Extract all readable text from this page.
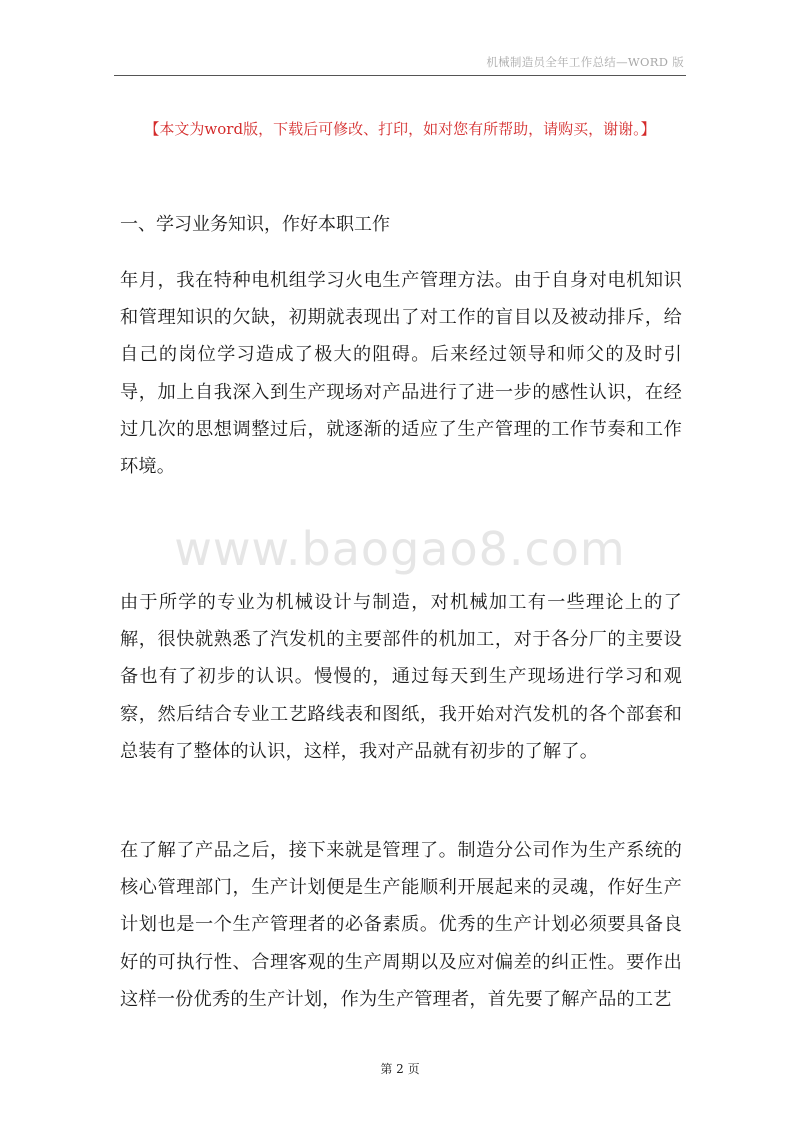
机械制造员全年工作总结—WORD 版
【本文为word版，下载后可修改、打印，如对您有所帮助，请购买，谢谢。】
一、学习业务知识，作好本职工作

年月，我在特种电机组学习火电生产管理方法。由于自身对电机知识和管理知识的欠缺，初期就表现出了对工作的盲目以及被动排斥，给自己的岗位学习造成了极大的阻碍。后来经过领导和师父的及时引导，加上自我深入到生产现场对产品进行了进一步的感性认识，在经过几次的思想调整过后，就逐渐的适应了生产管理的工作节奏和工作环境。

www.baogao8.com

由于所学的专业为机械设计与制造，对机械加工有一些理论上的了解，很快就熟悉了汽发机的主要部件的机加工，对于各分厂的主要设备也有了初步的认识。慢慢的，通过每天到生产现场进行学习和观察，然后结合专业工艺路线表和图纸，我开始对汽发机的各个部套和总装有了整体的认识，这样，我对产品就有初步的了解了。

在了解了产品之后，接下来就是管理了。制造分公司作为生产系统的核心管理部门，生产计划便是生产能顺利开展起来的灵魂，作好生产计划也是一个生产管理者的必备素质。优秀的生产计划必须要具备良好的可执行性、合理客观的生产周期以及应对偏差的纠正性。要作出这样一份优秀的生产计划，作为生产管理者，首先要了解产品的工艺

第 2 页
